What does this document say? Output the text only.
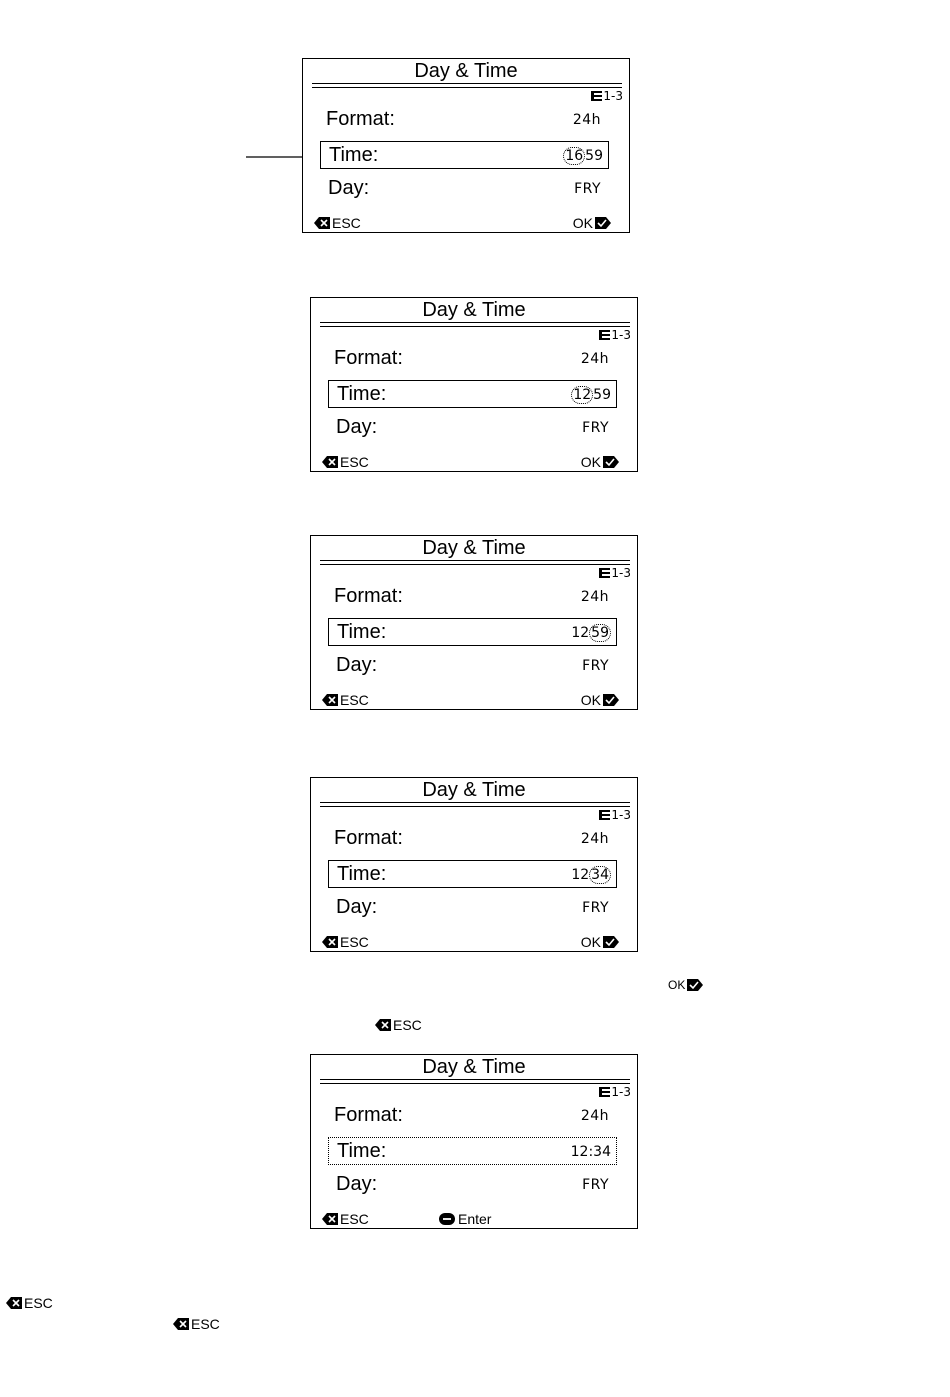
Day & Time
1-3
Format:	24h
Time:	16 59
Day:	FRY
ESC	OK
Day & Time
1-3
Format:	24h
Time:	12 59
Day:	FRY
ESC	OK
Day & Time
1-3
Format:	24h
Time:	12 59
Day:	FRY
ESC	OK
Day & Time
1-3
Format:	24h
Time:	12 34
Day:	FRY
ESC	OK
OK
ESC
Day & Time
1-3
Format:	24h
Time:	12:34
Day:	FRY
ESC	Enter
ESC
ESC
